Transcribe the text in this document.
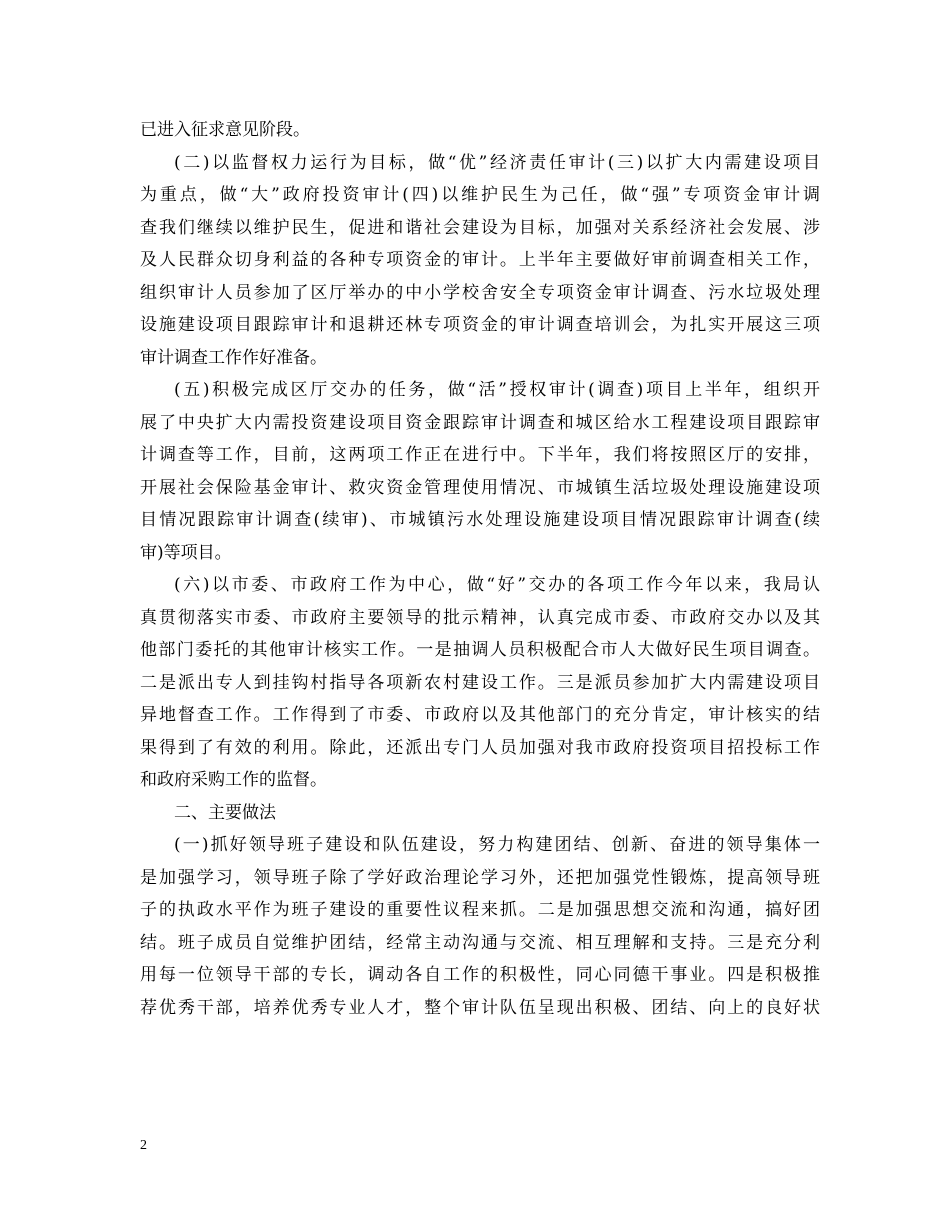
已进入征求意见阶段。
(二)以监督权力运行为目标，做“优”经济责任审计(三)以扩大内需建设项目
为重点，做“大”政府投资审计(四)以维护民生为己任，做“强”专项资金审计调
查我们继续以维护民生，促进和谐社会建设为目标，加强对关系经济社会发展、涉
及人民群众切身利益的各种专项资金的审计。上半年主要做好审前调查相关工作，
组织审计人员参加了区厅举办的中小学校舍安全专项资金审计调查、污水垃圾处理
设施建设项目跟踪审计和退耕还林专项资金的审计调查培训会，为扎实开展这三项
审计调查工作作好准备。
(五)积极完成区厅交办的任务，做“活”授权审计(调查)项目上半年，组织开
展了中央扩大内需投资建设项目资金跟踪审计调查和城区给水工程建设项目跟踪审
计调查等工作，目前，这两项工作正在进行中。下半年，我们将按照区厅的安排，
开展社会保险基金审计、救灾资金管理使用情况、市城镇生活垃圾处理设施建设项
目情况跟踪审计调查(续审)、市城镇污水处理设施建设项目情况跟踪审计调查(续
审)等项目。
(六)以市委、市政府工作为中心，做“好”交办的各项工作今年以来，我局认
真贯彻落实市委、市政府主要领导的批示精神，认真完成市委、市政府交办以及其
他部门委托的其他审计核实工作。一是抽调人员积极配合市人大做好民生项目调查。
二是派出专人到挂钩村指导各项新农村建设工作。三是派员参加扩大内需建设项目
异地督查工作。工作得到了市委、市政府以及其他部门的充分肯定，审计核实的结
果得到了有效的利用。除此，还派出专门人员加强对我市政府投资项目招投标工作
和政府采购工作的监督。
二、主要做法
(一)抓好领导班子建设和队伍建设，努力构建团结、创新、奋进的领导集体一
是加强学习，领导班子除了学好政治理论学习外，还把加强党性锻炼，提高领导班
子的执政水平作为班子建设的重要性议程来抓。二是加强思想交流和沟通，搞好团
结。班子成员自觉维护团结，经常主动沟通与交流、相互理解和支持。三是充分利
用每一位领导干部的专长，调动各自工作的积极性，同心同德干事业。四是积极推
荐优秀干部，培养优秀专业人才，整个审计队伍呈现出积极、团结、向上的良好状
2
